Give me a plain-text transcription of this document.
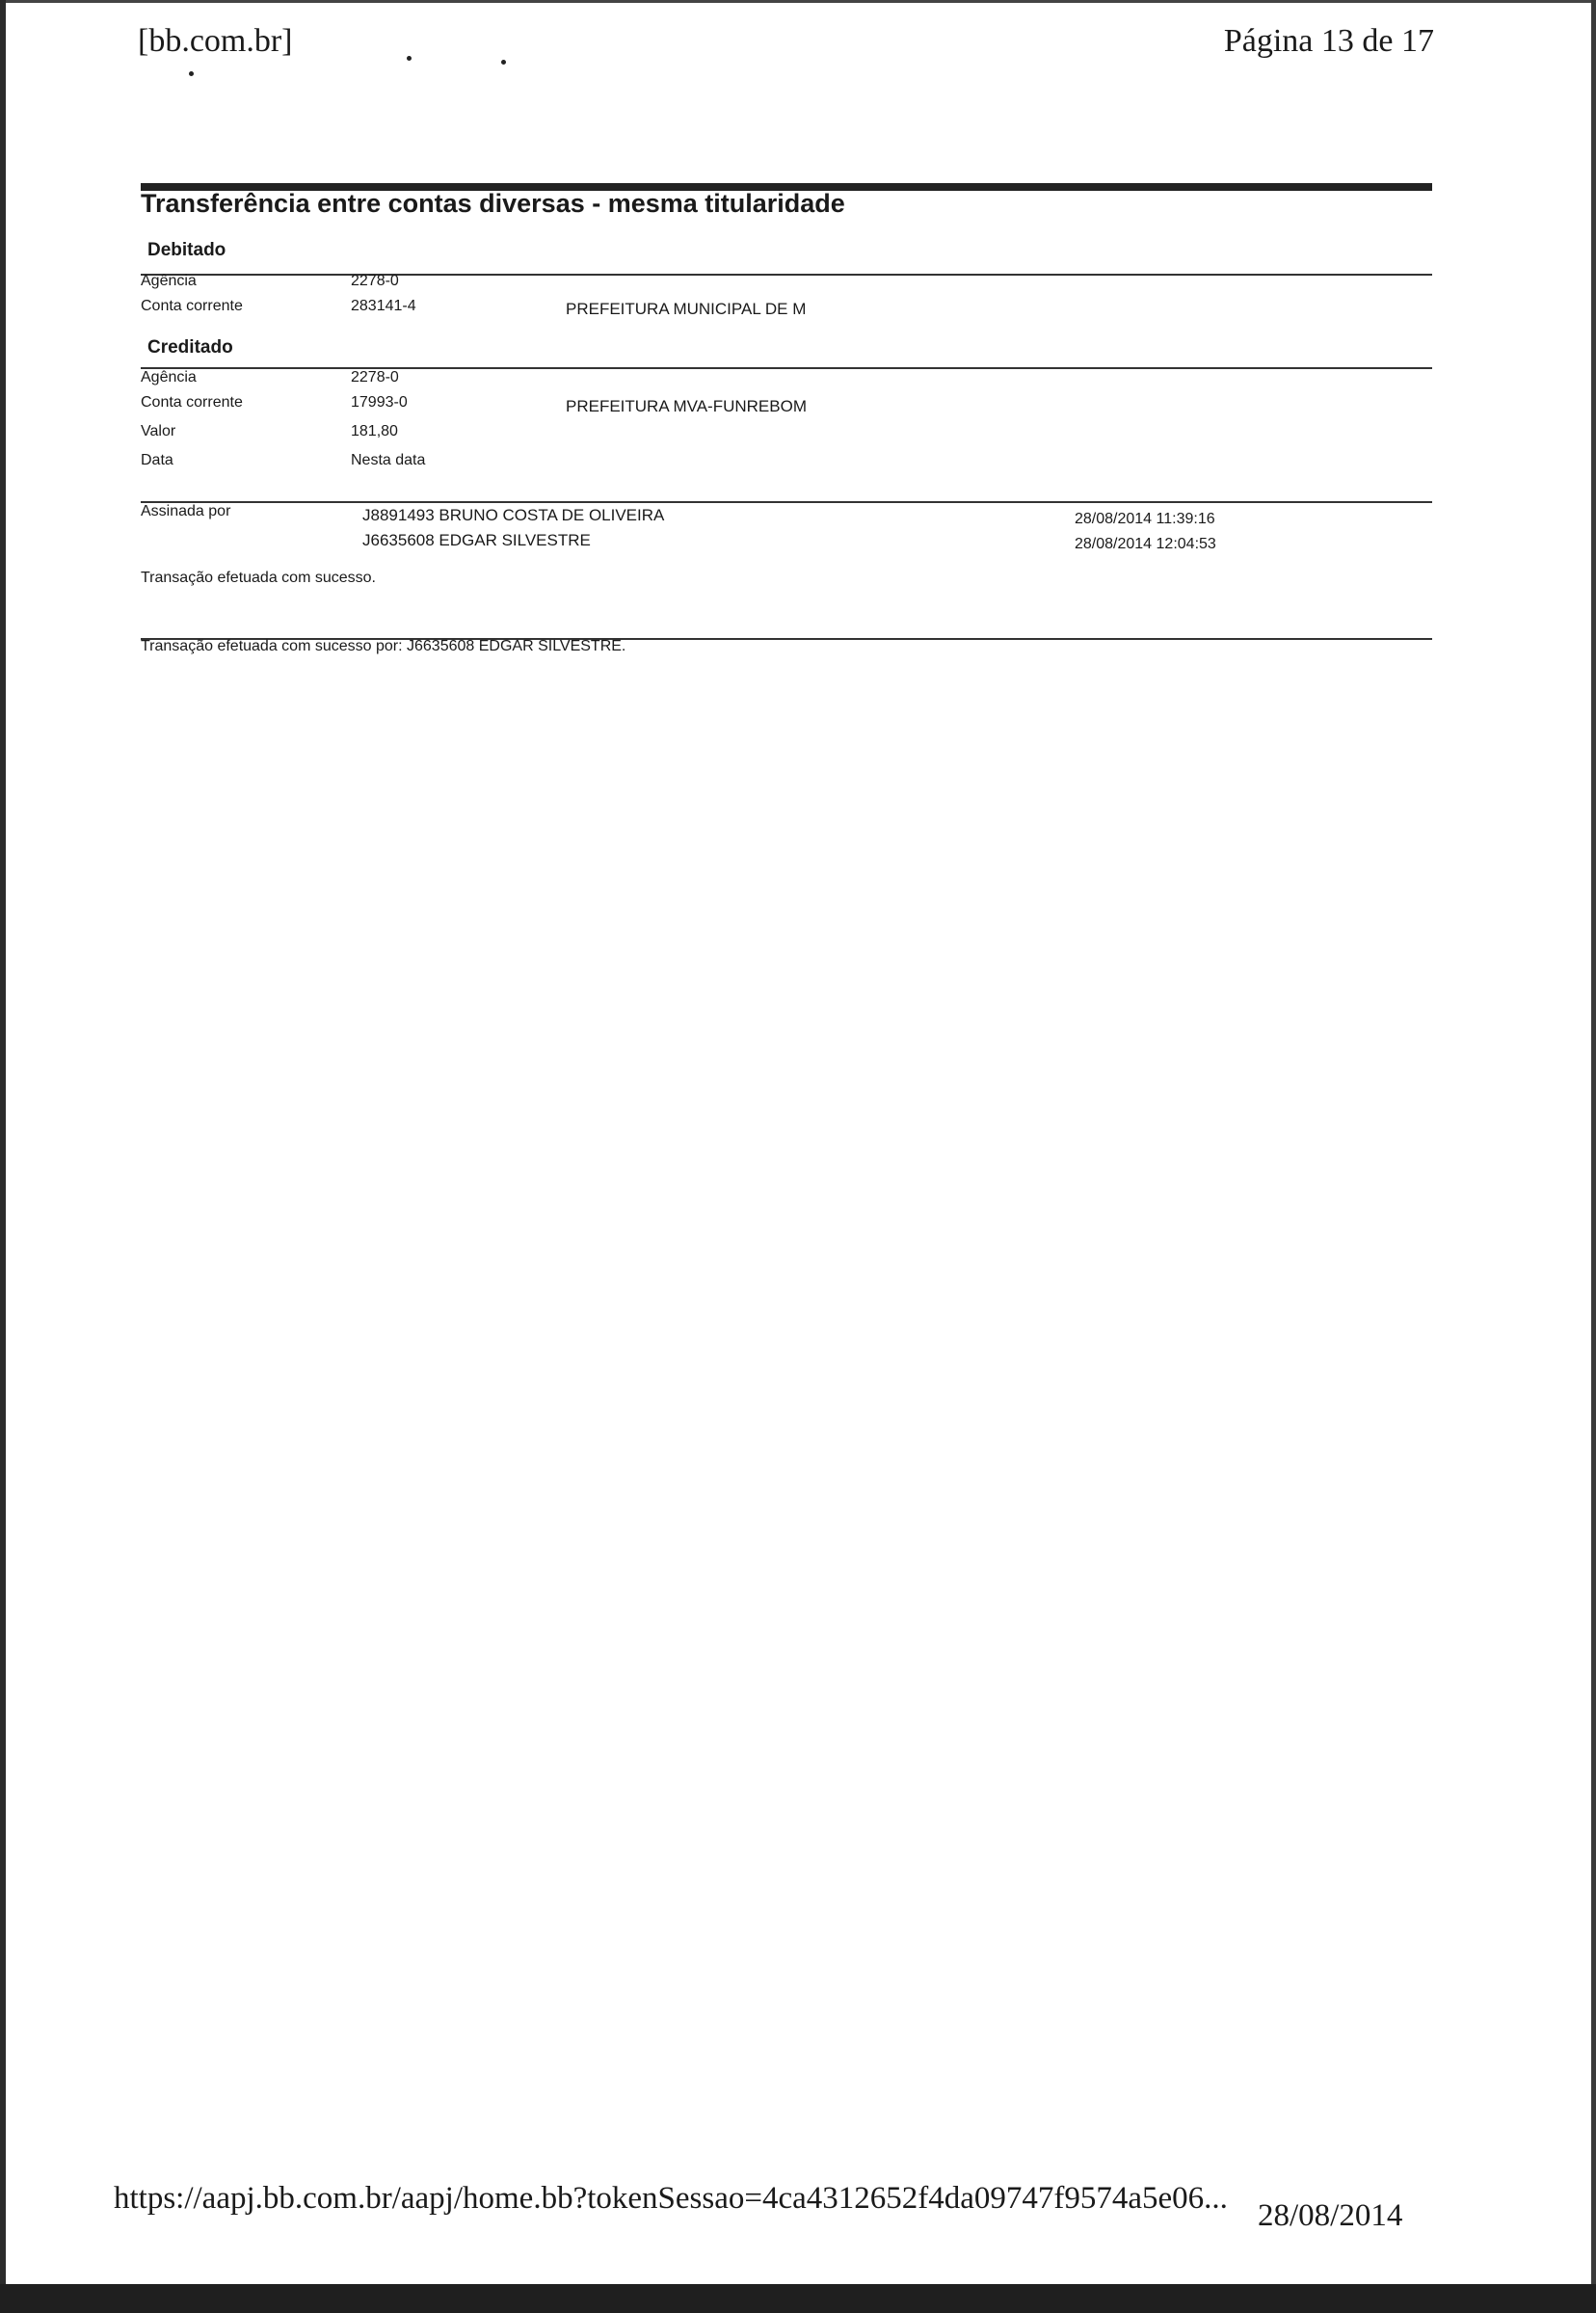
[bb.com.br]	Página 13 de 17
Transferência entre contas diversas - mesma titularidade
Debitado
Agência	2278-0
Conta corrente	283141-4	PREFEITURA MUNICIPAL DE M
Creditado
Agência	2278-0
Conta corrente	17993-0	PREFEITURA MVA-FUNREBOM
Valor	181,80
Data	Nesta data
Assinada por	J8891493 BRUNO COSTA DE OLIVEIRA	28/08/2014 11:39:16
J6635608 EDGAR SILVESTRE	28/08/2014 12:04:53
Transação efetuada com sucesso.
Transação efetuada com sucesso por: J6635608 EDGAR SILVESTRE.
https://aapj.bb.com.br/aapj/home.bb?tokenSessao=4ca4312652f4da09747f9574a5e06... 28/08/2014
